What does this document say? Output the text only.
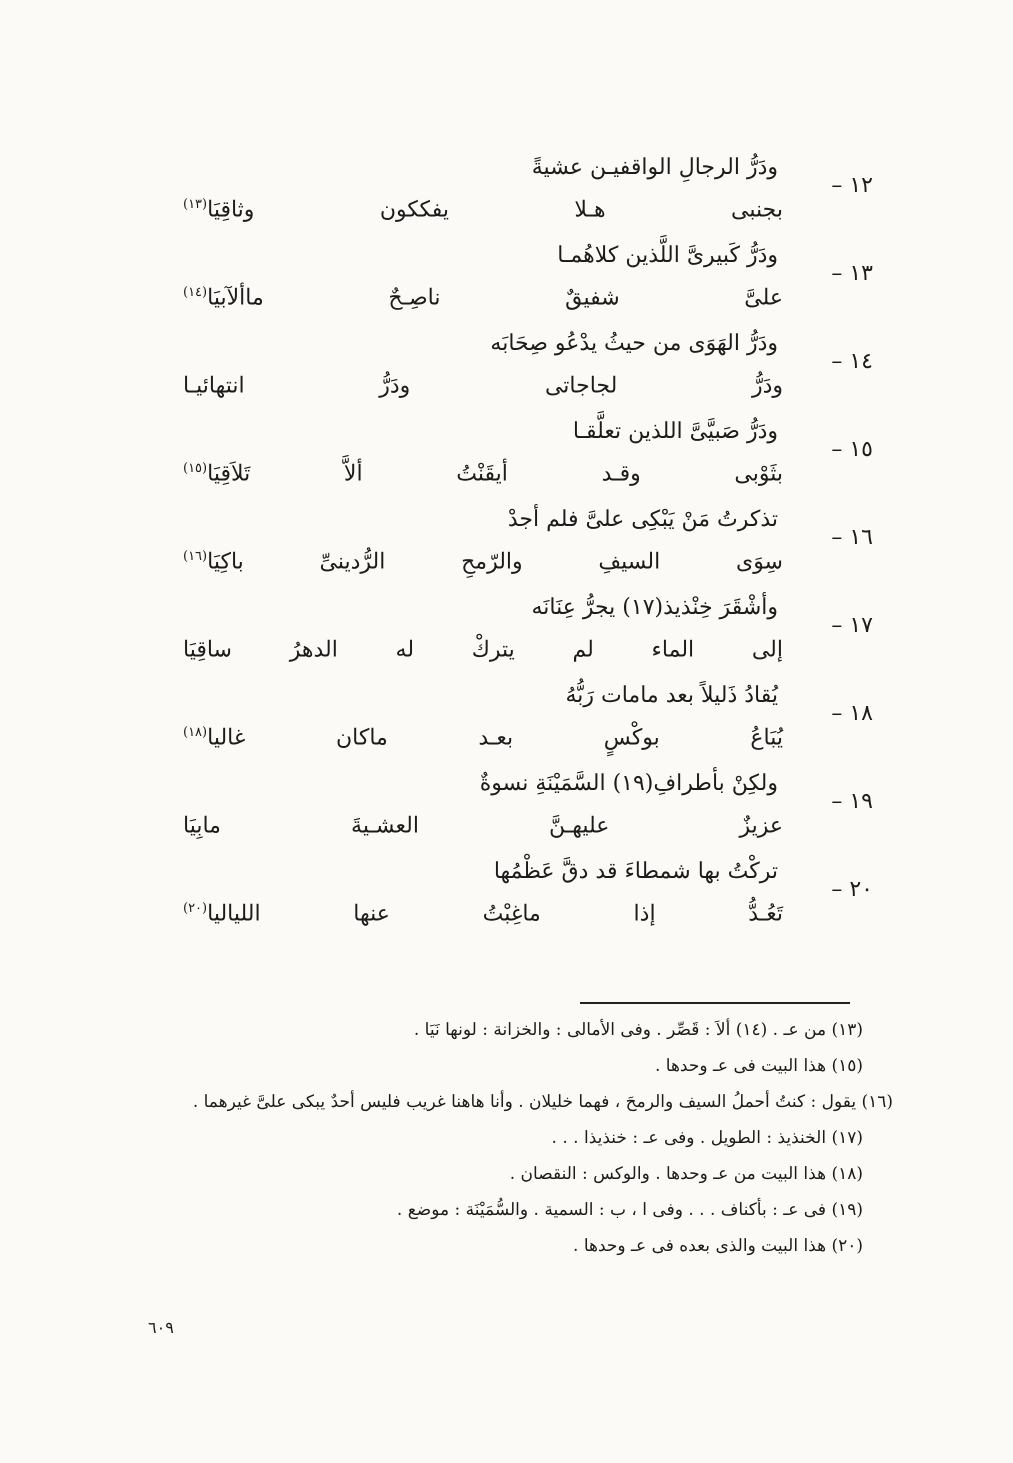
١٢ –
ودَرُّ الرجالِ الواقفيـن عشيةً
بجنبى هـلا يفككون وثاقِيَا$^{(١٣)}$
١٣ –
ودَرُّ كَبيرىَّ اللَّذين كلاهُمـا
علىَّ شفيقٌ ناصِـحٌ ماألآبيَا$^{(١٤)}$
١٤ –
ودَرُّ الهَوَى من حيثُ يدْعُو صِحَابَه
ودَرُّ لجاجاتى ودَرُّ انتهائيـا
١٥ –
ودَرُّ صَبيَّىَّ اللذين تعلَّقـا
بثَوْبى وقـد أيقَنْتُ ألاَّ تَلاَقِيَا$^{(١٥)}$
١٦ –
تذكرتُ مَنْ يَبْكِى علىَّ فلم أجدْ
سِوَى السيفِ والرّمحِ الرُّدينىِّ باكِيَا$^{(١٦)}$
١٧ –
وأشْقَرَ خِنْذيذ(١٧) يجرُّ عِنَانَه
إلى الماء لم يتركْ له الدهرُ ساقِيَا
١٨ –
يُقادُ ذَليلاً بعد مامات رَبُّهُ
يُبَاعُ بوكْسٍ بعـد ماكان غاليا$^{(١٨)}$
١٩ –
ولكِنْ بأطرافِ(١٩) السَّمَيْنَةِ نسوةٌ
عزيزٌ عليهـنَّ العشـيةَ مابِيَا
٢٠ –
تركْتُ بها شمطاءَ قد دقَّ عَظْمُها
تَعُـدُّ إذا ماغِبْتُ عنها اللياليا$^{(٢٠)}$
(١٣) من عـ . (١٤) ألاَ : قَصِّر . وفى الأمالى : والخزانة : لونها نَيَا .
(١٥) هذا البيت فى عـ وحدها .
(١٦) يقول : كنتُ أحملُ السيف والرمحَ ، فهما خليلان . وأنا هاهنا غريب فليس أحدٌ يبكى علىَّ غيرهما .
(١٧) الخنذيذ : الطويل . وفى عـ : خنذيذا . . .
(١٨) هذا البيت من عـ وحدها . والوكس : النقصان .
(١٩) فى عـ : بأكناف . . . وفى ا ، ب : السمية . والسُّمَيْنَة : موضع .
(٢٠) هذا البيت والذى بعده فى عـ وحدها .
٦٠٩
